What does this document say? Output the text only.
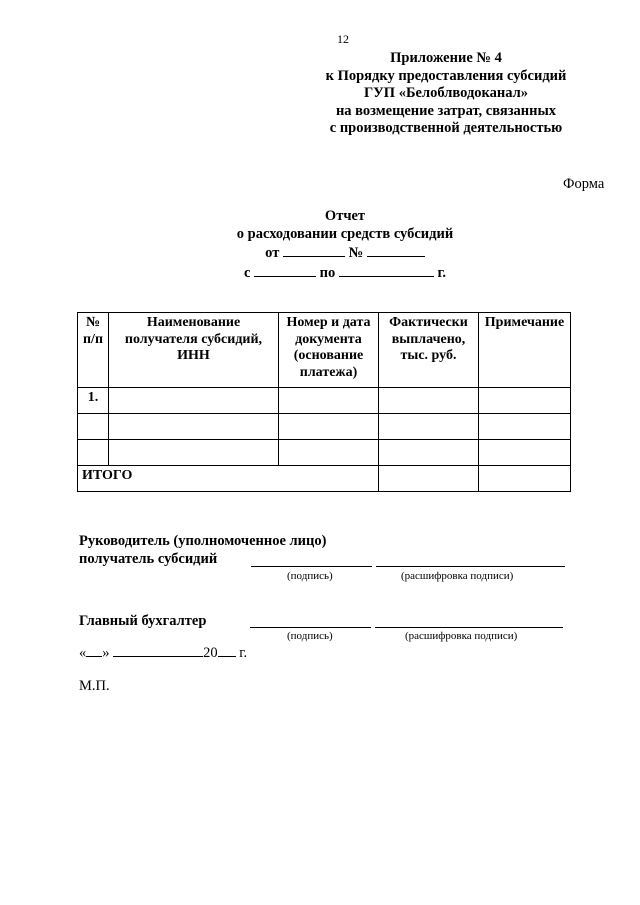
12
Приложение № 4
к Порядку предоставления субсидий
ГУП «Белоблводоканал»
на возмещение затрат, связанных
с производственной деятельностью
Форма
Отчет
о расходовании средств субсидий
от	№
с	по	г.
№ п/п	Наименование получателя субсидий, ИНН	Номер и дата документа (основание платежа)	Фактически выплачено, тыс. руб.	Примечание
1.				

ИТОГО				
Руководитель (уполномоченное лицо)
получатель субсидий
(подпись)	(расшифровка подписи)
Главный бухгалтер
(подпись)	(расшифровка подписи)
« »	20 г.
М.П.
